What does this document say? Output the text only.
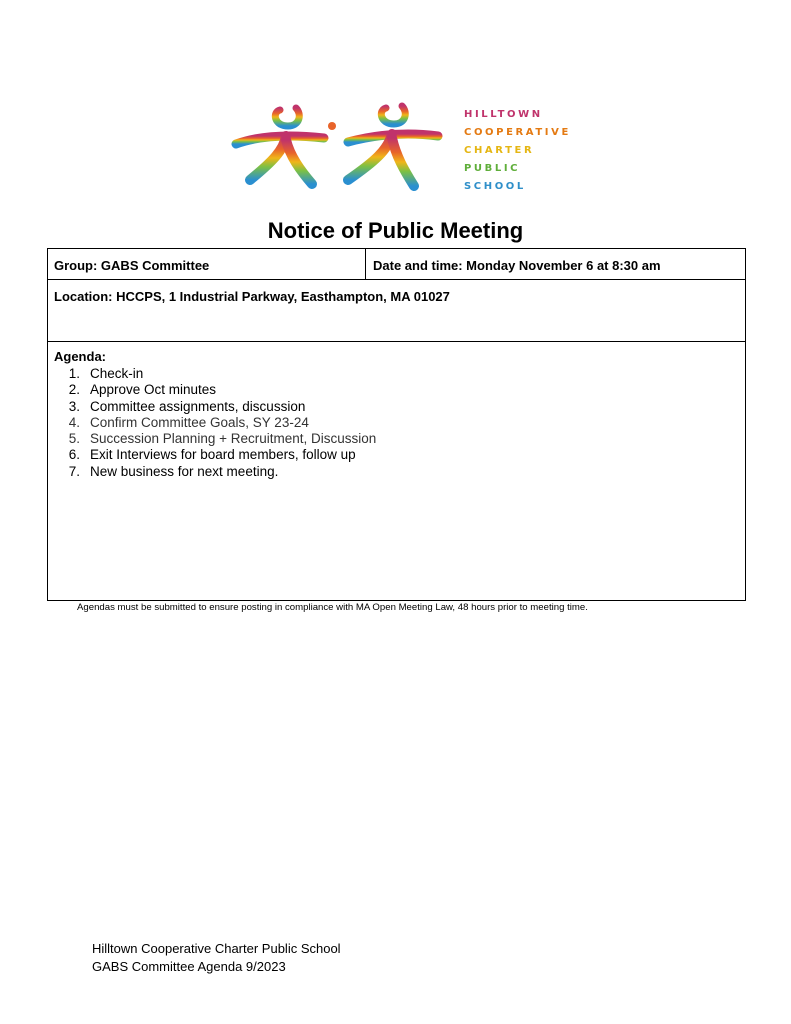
HILLTOWN
COOPERATIVE
CHARTER
PUBLIC
SCHOOL
Notice of Public Meeting
Group: GABS Committee	Date and time: Monday November 6 at 8:30 am
Location: HCCPS, 1 Industrial Parkway, Easthampton, MA 01027
Agenda:
1. Check-in
2. Approve Oct minutes
3. Committee assignments, discussion
4. Confirm Committee Goals, SY 23-24
5. Succession Planning + Recruitment, Discussion
6. Exit Interviews for board members, follow up
7. New business for next meeting.
Agendas must be submitted to ensure posting in compliance with MA Open Meeting Law, 48 hours prior to meeting time.
Hilltown Cooperative Charter Public School
GABS Committee Agenda 9/2023
